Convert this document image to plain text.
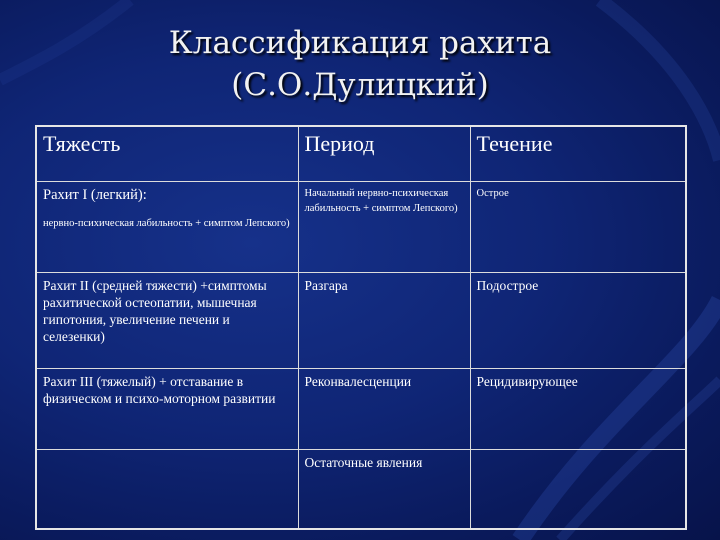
Классификация рахита
(С.О.Дулицкий)
Тяжесть	Период	Течение
Рахит I (легкий):
нервно-психическая лабильность + симптом Лепского)	Начальный нервно-психическая лабильность + симптом Лепского)	Острое
Рахит II (средней тяжести) +симптомы рахитической остеопатии, мышечная гипотония, увеличение печени и селезенки)	Разгара	Подострое
Рахит III (тяжелый) + отставание в физическом и психо-моторном развитии	Реконвалесценции	Рецидивирующее
	Остаточные явления	
